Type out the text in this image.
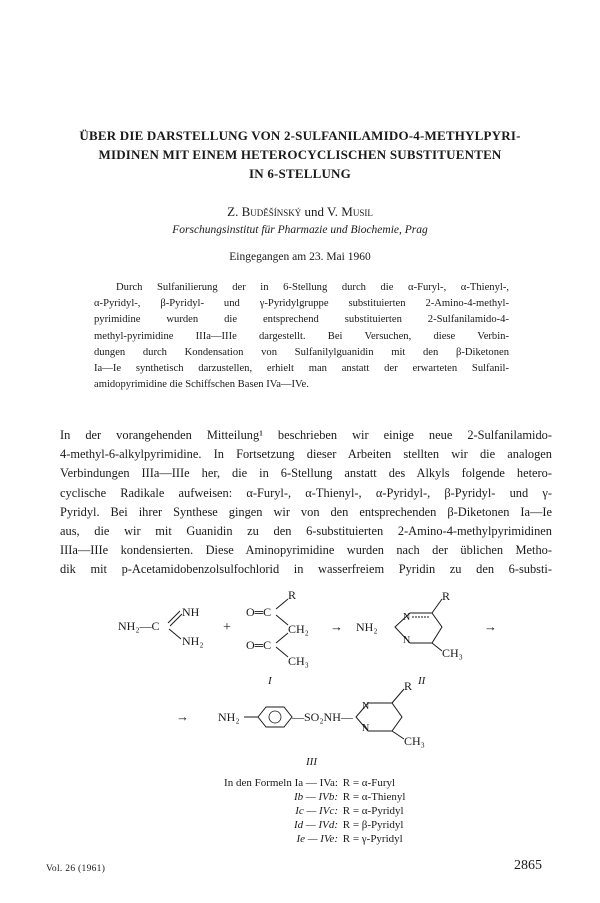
ÜBER DIE DARSTELLUNG VON 2-SULFANILAMIDO-4-METHYLPYRI-
MIDINEN MIT EINEM HETEROCYCLISCHEN SUBSTITUENTEN
IN 6-STELLUNG
Z. Buděšínský und V. Musil
Forschungsinstitut für Pharmazie und Biochemie, Prag
Eingegangen am 23. Mai 1960
Durch Sulfanilierung der in 6-Stellung durch die α-Furyl-, α-Thienyl-,
α-Pyridyl-, β-Pyridyl- und γ-Pyridylgruppe substituierten 2-Amino-4-methyl-
pyrimidine wurden die entsprechend substituierten 2-Sulfanilamido-4-
methyl-pyrimidine IIIa—IIIe dargestellt. Bei Versuchen, diese Verbin-
dungen durch Kondensation von Sulfanilylguanidin mit den β-Diketonen
Ia—Ie synthetisch darzustellen, erhielt man anstatt der erwarteten Sulfanil-
amidopyrimidine die Schiffschen Basen IVa—IVe.
In der vorangehenden Mitteilung¹ beschrieben wir einige neue 2-Sulfanilamido-
4-methyl-6-alkylpyrimidine. In Fortsetzung dieser Arbeiten stellten wir die analogen
Verbindungen IIIa—IIIe her, die in 6-Stellung anstatt des Alkyls folgende hetero-
cyclische Radikale aufweisen: α-Furyl-, α-Thienyl-, α-Pyridyl-, β-Pyridyl- und γ-
Pyridyl. Bei ihrer Synthese gingen wir von den entsprechenden β-Diketonen Ia—Ie
aus, die wir mit Guanidin zu den 6-substituierten 2-Amino-4-methylpyrimidinen
IIIa—IIIe kondensierten. Diese Aminopyrimidine wurden nach der üblichen Metho-
dik mit p-Acetamidobenzolsulfochlorid in wasserfreiem Pyridin zu den 6-substi-
NH₂—C
NH
NH₂
+
O═C
R
CH₂
O═C
CH₃
I
→ NH₂
N
N
R
CH₃
II
→
→ NH₂	—SO₂NH—
N
N
R
CH₃
III
In den Formeln Ia — IVa: R = α-Furyl
Ib — IVb: R = α-Thienyl
Ic — IVc: R = α-Pyridyl
Id — IVd: R = β-Pyridyl
Ie — IVe: R = γ-Pyridyl
Vol. 26 (1961)	2865
